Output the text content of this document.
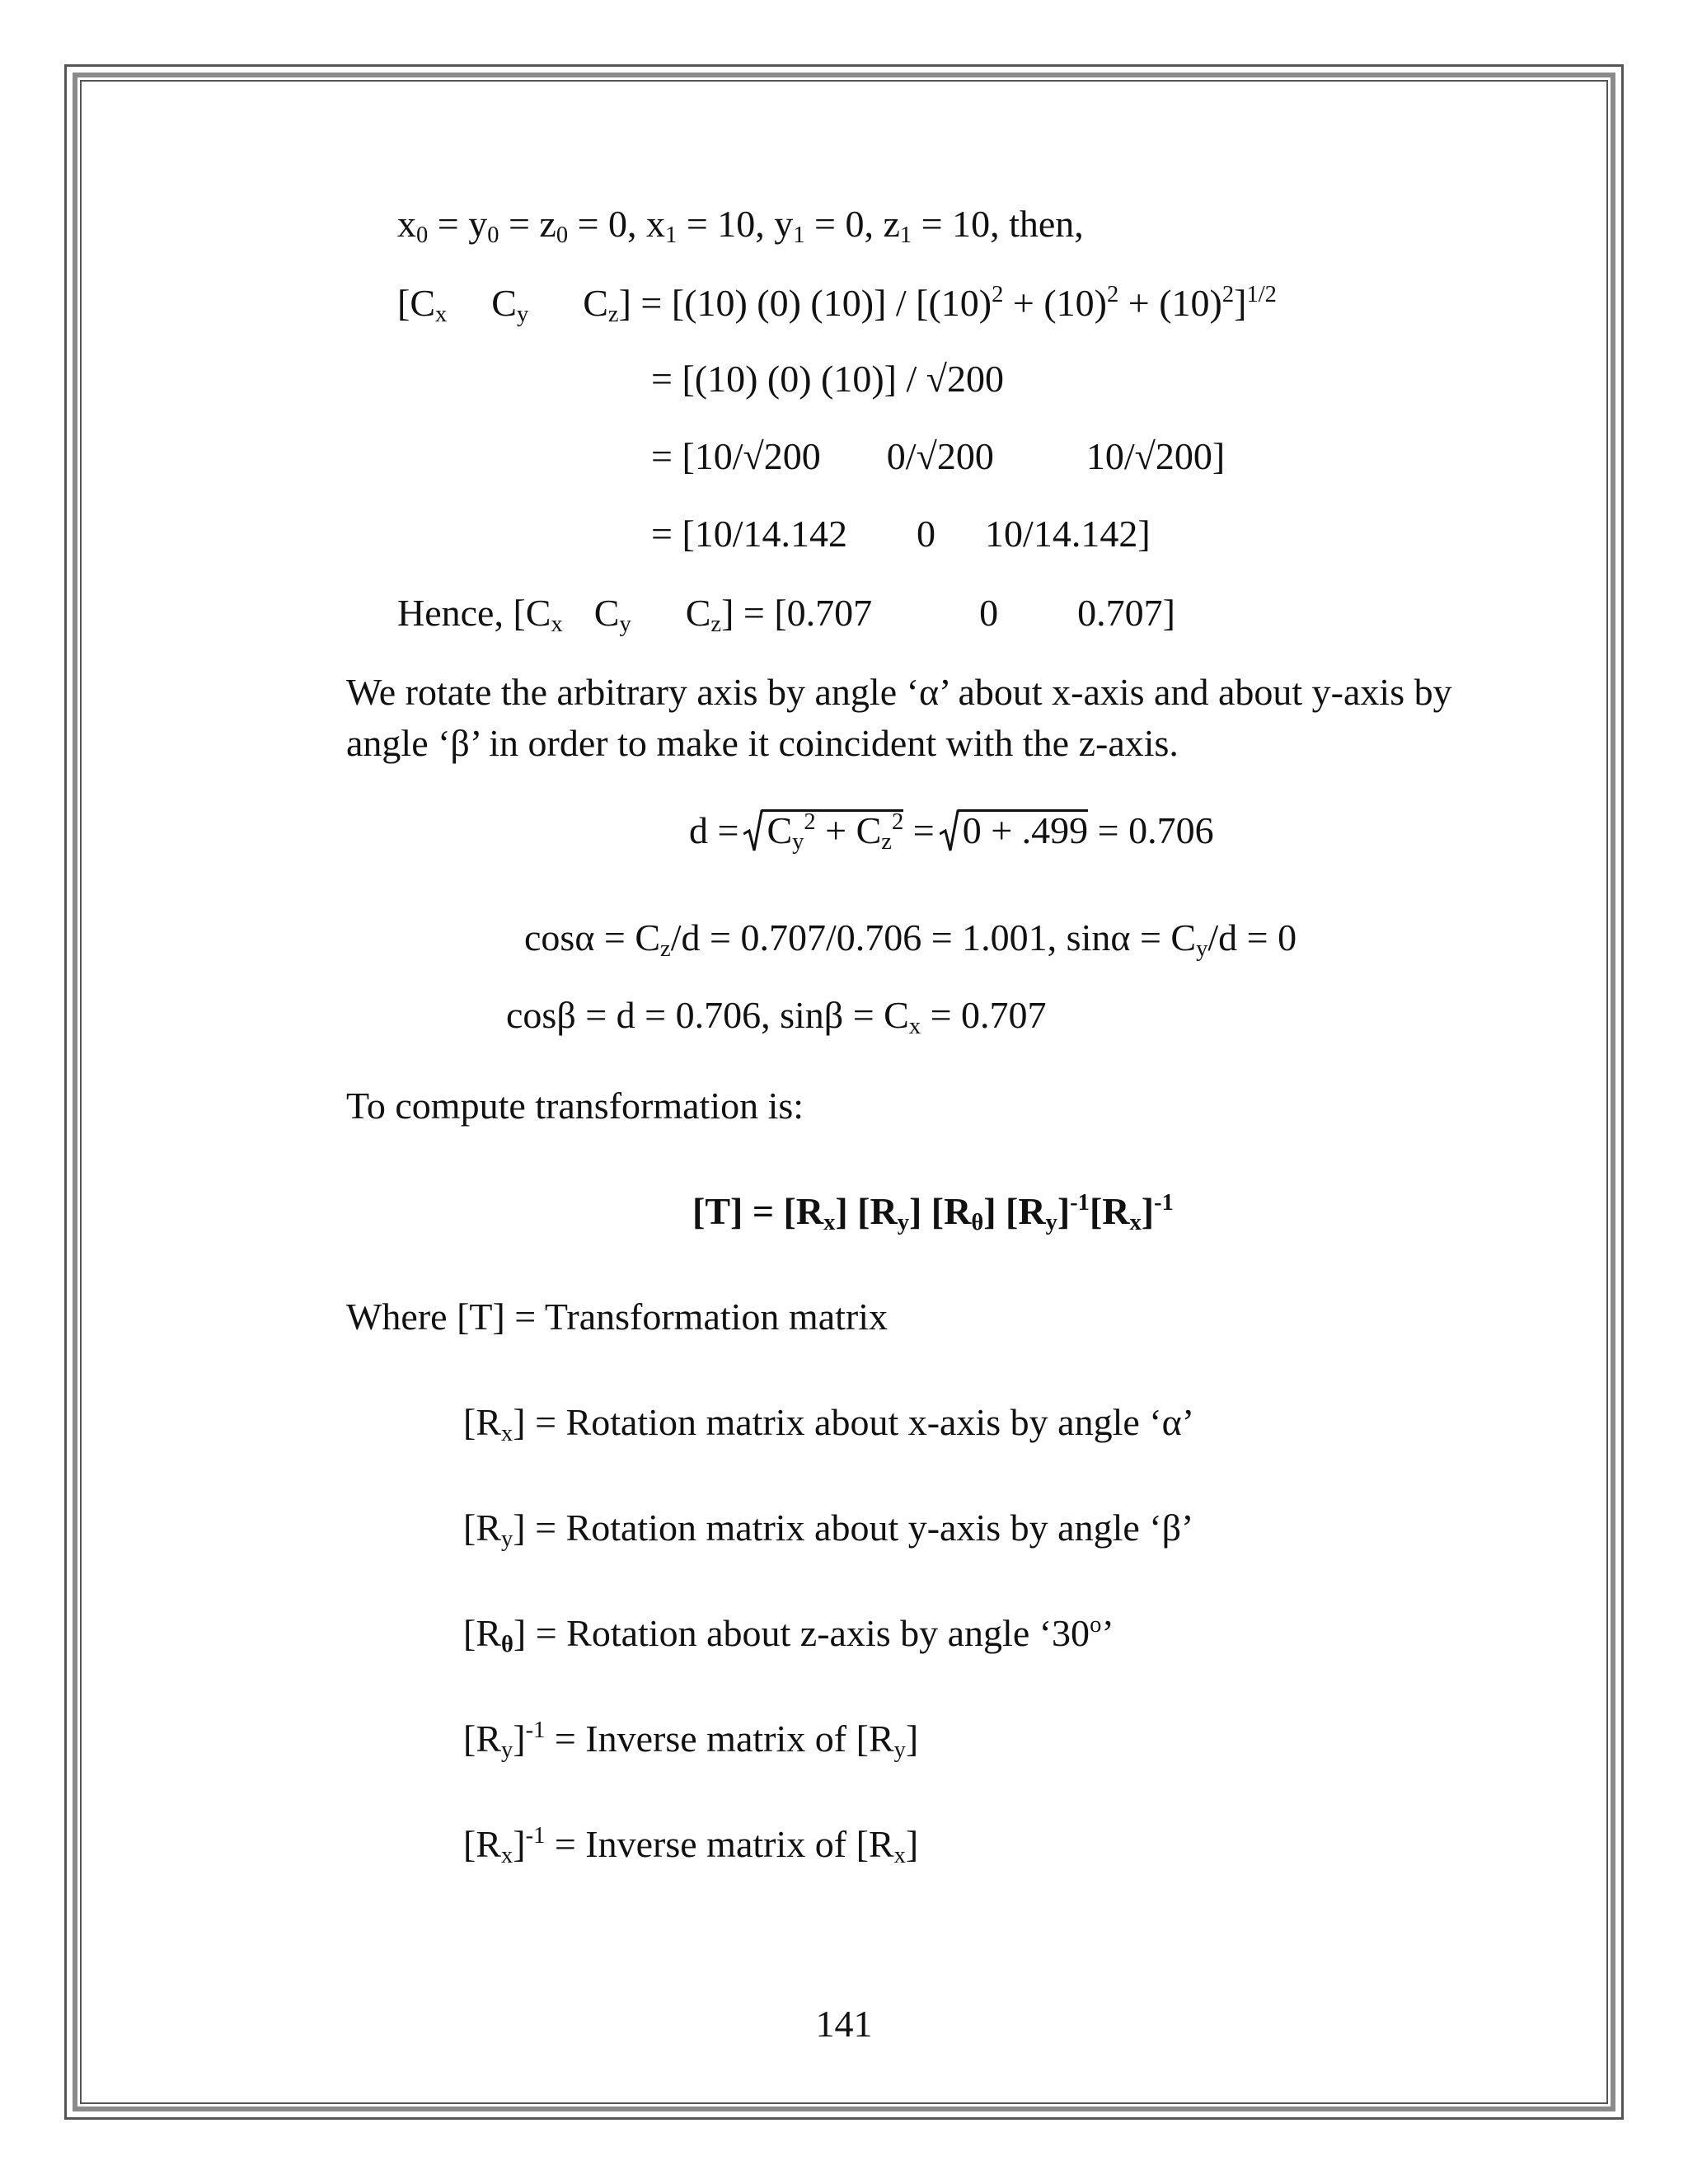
$x_0 = y_0 = z_0 = 0$, $x_1 = 10$, $y_1 = 0$, $z_1 = 10$, then,
[$C_x$ $C_y$ $C_z] = [(10)$ (0) $(10)] / [(10)^2 + (10)^2 + (10)^2]^{1/2}$
= [(10) (0) (10)] / √200
= [10/√200 0/√200 10/√200]
= [10/14.142 0 10/14.142]
Hence, [$C_x$ $C_y$ $C_z] = [0.707$	0 0.707]
We rotate the arbitrary axis by angle ‘α’ about x-axis and about y-axis by
angle ‘β’ in order to make it coincident with the z-axis.
$d = C_y^2 + C_z^2 = 0 + .499 = 0.706$
$\cos\alpha = C_z/d = 0.707/0.706 = 1.001$, $\sin\alpha = C_y/d = 0$
cosβ = d = 0.706, $\sin\beta = C_x = 0.707$
To compute transformation is:
$[T] = [R_x]$ $[R_y]$ $[R_\theta]$ $[R_y]^{-1}[R_x]^{-1}$
Where [T] = Transformation matrix
$[R_x]$ = Rotation matrix about x-axis by angle ‘α’
$[R_y]$ = Rotation matrix about y-axis by angle ‘β’
$[R_\theta]$ = Rotation about z-axis by angle ‘30$^o$’
$[R_y]^{-1}$ = Inverse matrix of $[R_y]$
$[R_x]^{-1}$ = Inverse matrix of $[R_x]$
141
